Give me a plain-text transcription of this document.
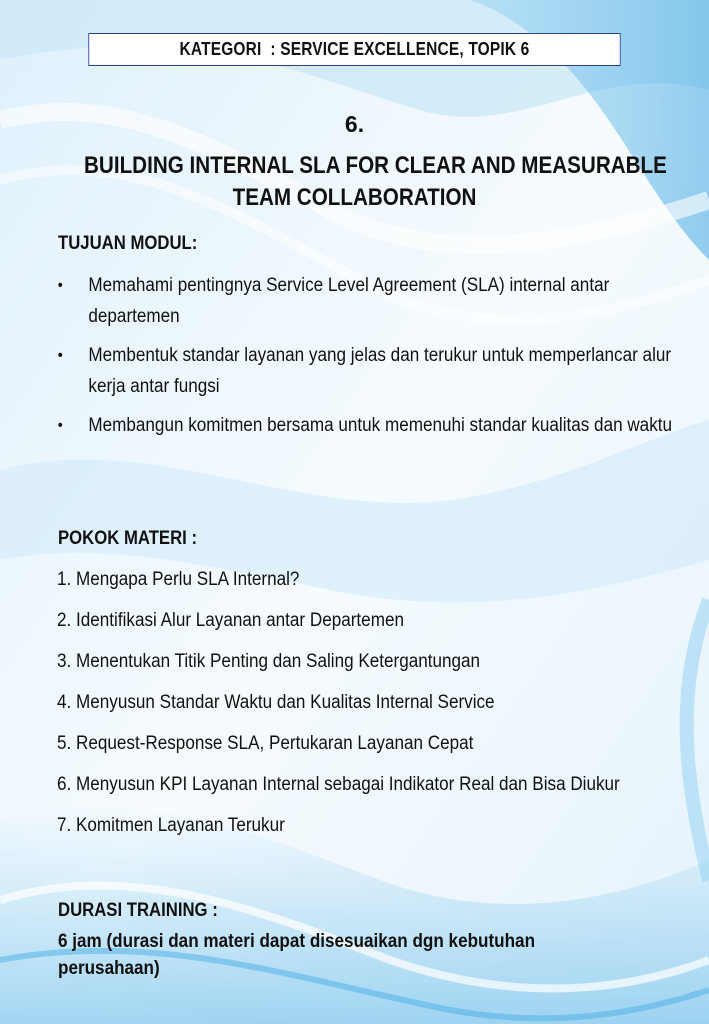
KATEGORI  : SERVICE EXCELLENCE, TOPIK 6
6.
BUILDING INTERNAL SLA FOR CLEAR AND MEASURABLE
TEAM COLLABORATION
TUJUAN MODUL:
• Memahami pentingnya Service Level Agreement (SLA) internal antar departemen
• Membentuk standar layanan yang jelas dan terukur untuk memperlancar alur kerja antar fungsi
• Membangun komitmen bersama untuk memenuhi standar kualitas dan waktu
POKOK MATERI :
1. Mengapa Perlu SLA Internal?
2. Identifikasi Alur Layanan antar Departemen
3. Menentukan Titik Penting dan Saling Ketergantungan
4. Menyusun Standar Waktu dan Kualitas Internal Service
5. Request-Response SLA, Pertukaran Layanan Cepat
6. Menyusun KPI Layanan Internal sebagai Indikator Real dan Bisa Diukur
7. Komitmen Layanan Terukur
DURASI TRAINING :
6 jam (durasi dan materi dapat disesuaikan dgn kebutuhan perusahaan)
